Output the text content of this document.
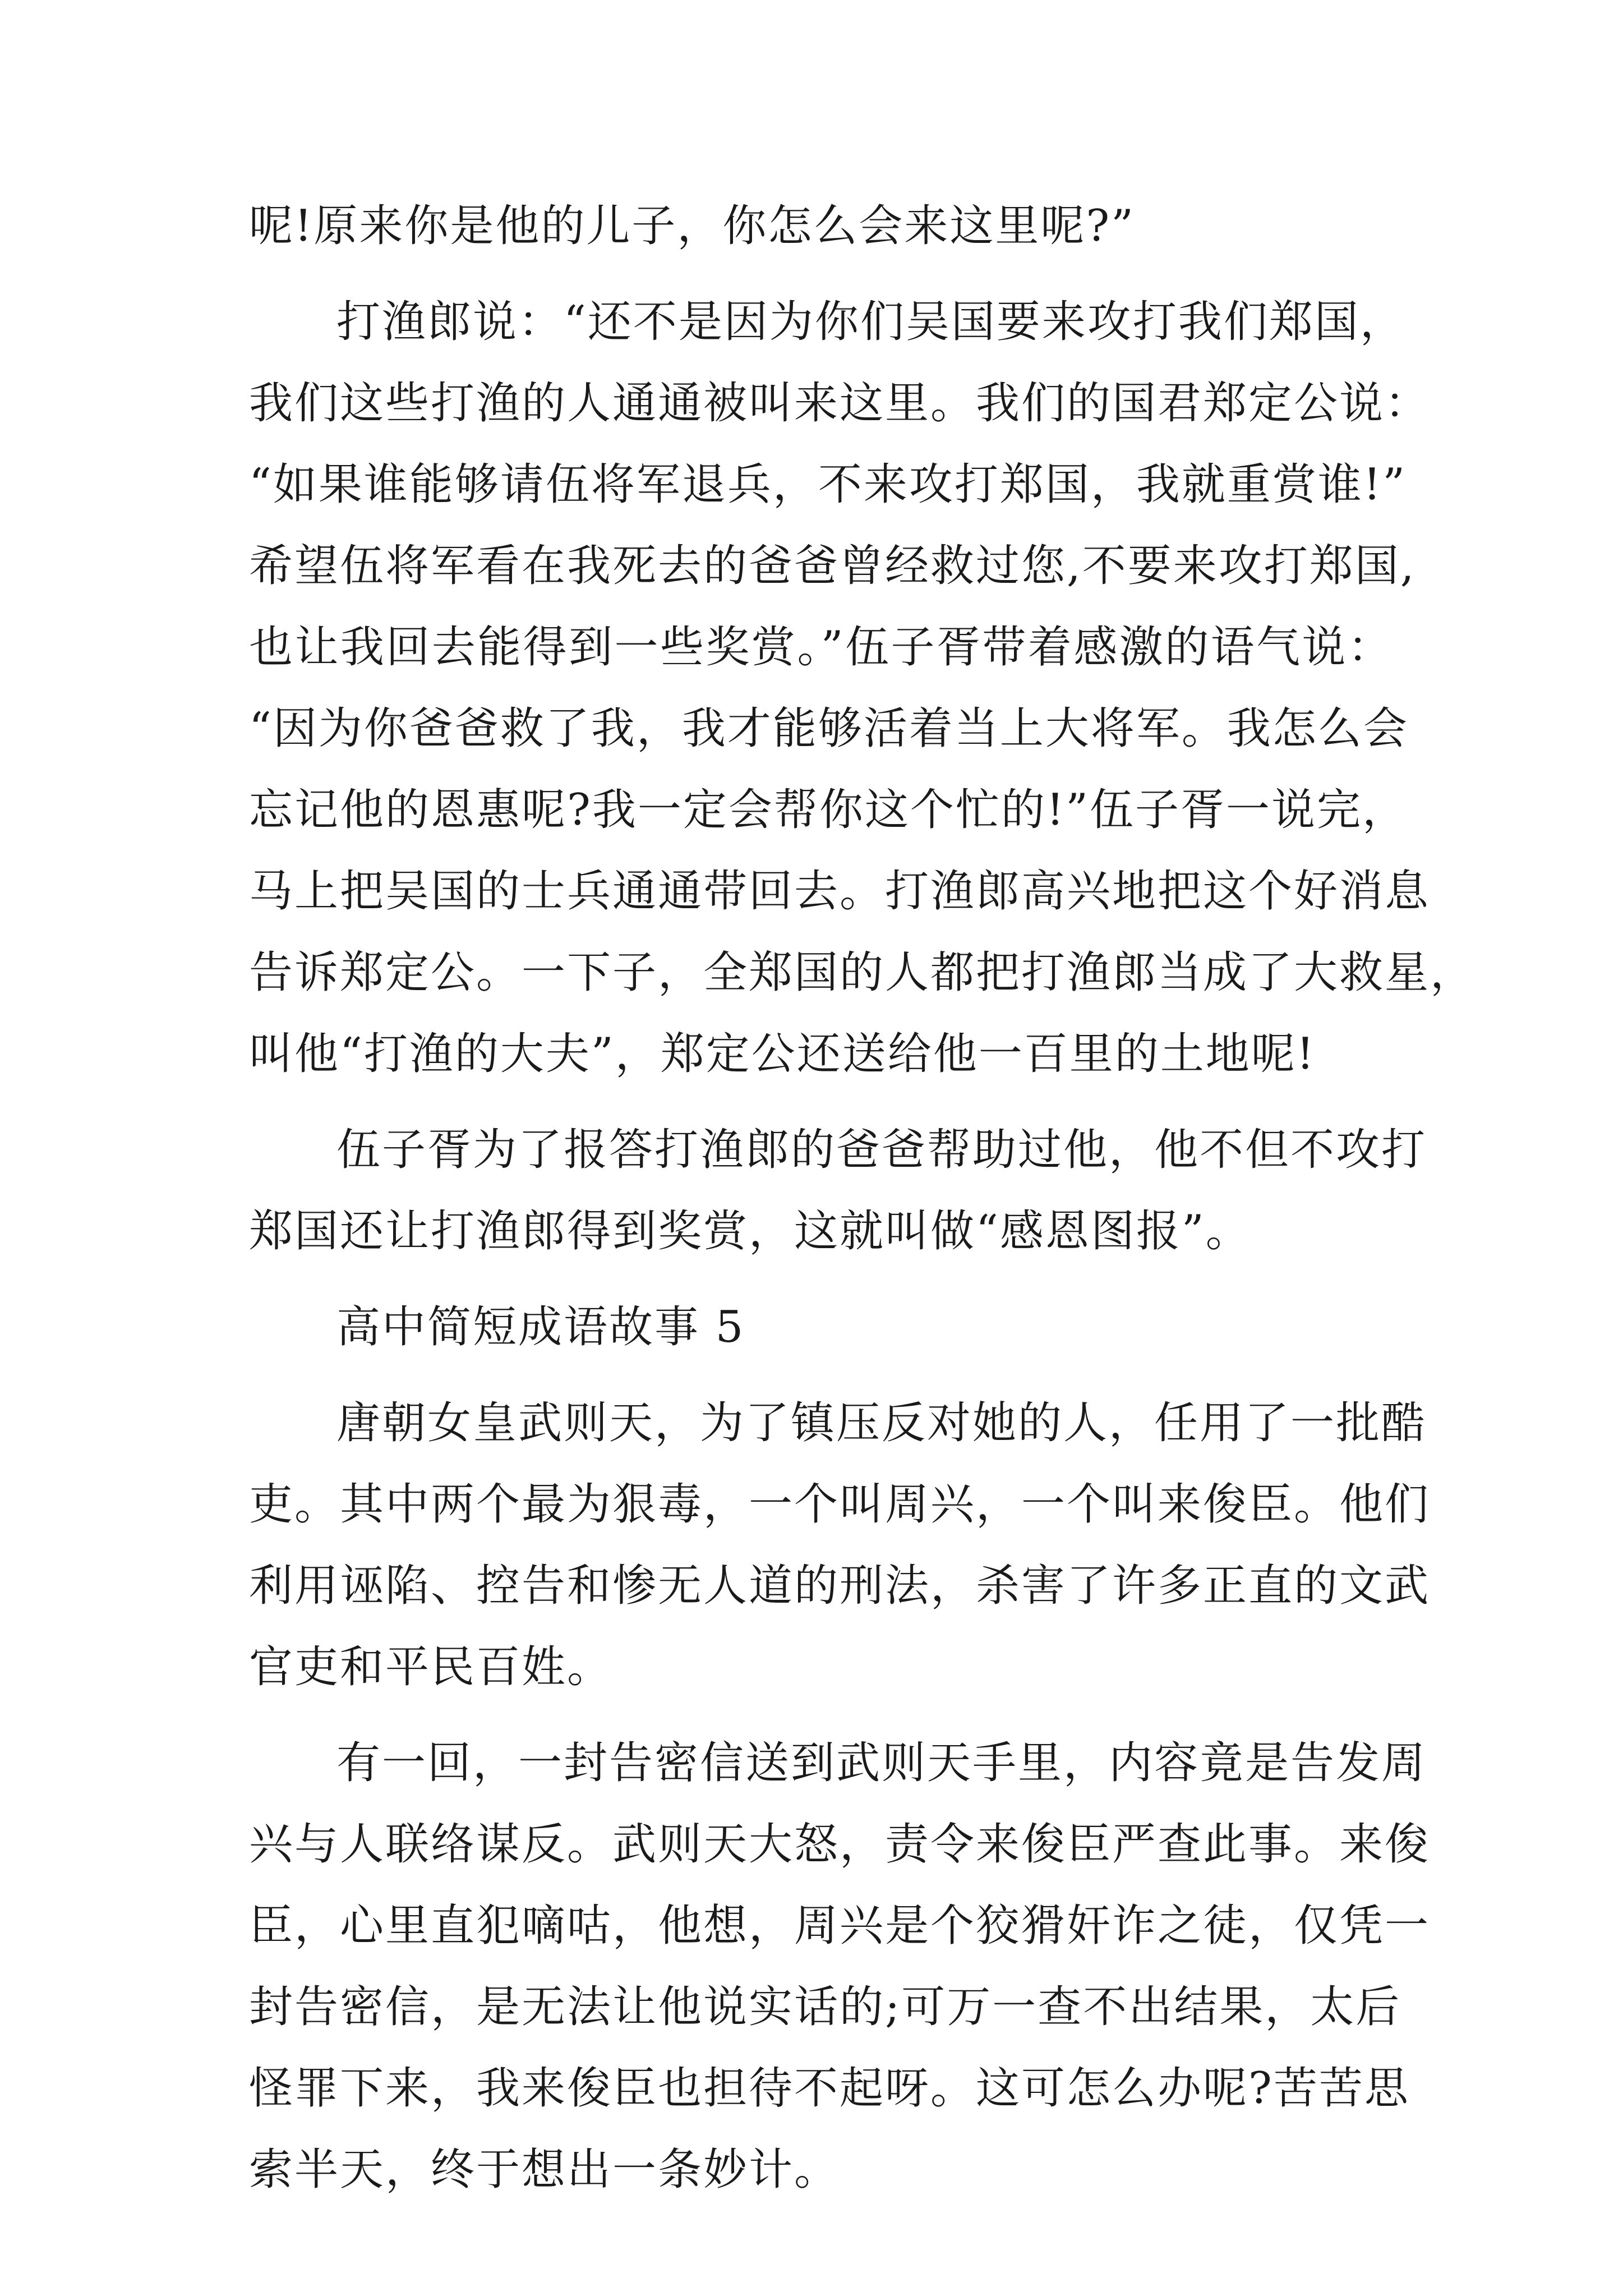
呢!原来你是他的儿子，你怎么会来这里呢?”
打渔郎说：“还不是因为你们吴国要来攻打我们郑国，
我们这些打渔的人通通被叫来这里。我们的国君郑定公说：
“如果谁能够请伍将军退兵，不来攻打郑国，我就重赏谁!”
希望伍将军看在我死去的爸爸曾经救过您,不要来攻打郑国,
也让我回去能得到一些奖赏。”伍子胥带着感激的语气说：
“因为你爸爸救了我，我才能够活着当上大将军。我怎么会
忘记他的恩惠呢?我一定会帮你这个忙的!”伍子胥一说完，
马上把吴国的士兵通通带回去。打渔郎高兴地把这个好消息
告诉郑定公。一下子，全郑国的人都把打渔郎当成了大救星，
叫他“打渔的大夫”，郑定公还送给他一百里的土地呢!
伍子胥为了报答打渔郎的爸爸帮助过他，他不但不攻打
郑国还让打渔郎得到奖赏，这就叫做“感恩图报”。
高中简短成语故事 5
唐朝女皇武则天，为了镇压反对她的人，任用了一批酷
吏。其中两个最为狠毒，一个叫周兴，一个叫来俊臣。他们
利用诬陷、控告和惨无人道的刑法，杀害了许多正直的文武
官吏和平民百姓。
有一回，一封告密信送到武则天手里，内容竟是告发周
兴与人联络谋反。武则天大怒，责令来俊臣严查此事。来俊
臣，心里直犯嘀咕，他想，周兴是个狡猾奸诈之徒，仅凭一
封告密信，是无法让他说实话的;可万一查不出结果，太后
怪罪下来，我来俊臣也担待不起呀。这可怎么办呢?苦苦思
索半天，终于想出一条妙计。
